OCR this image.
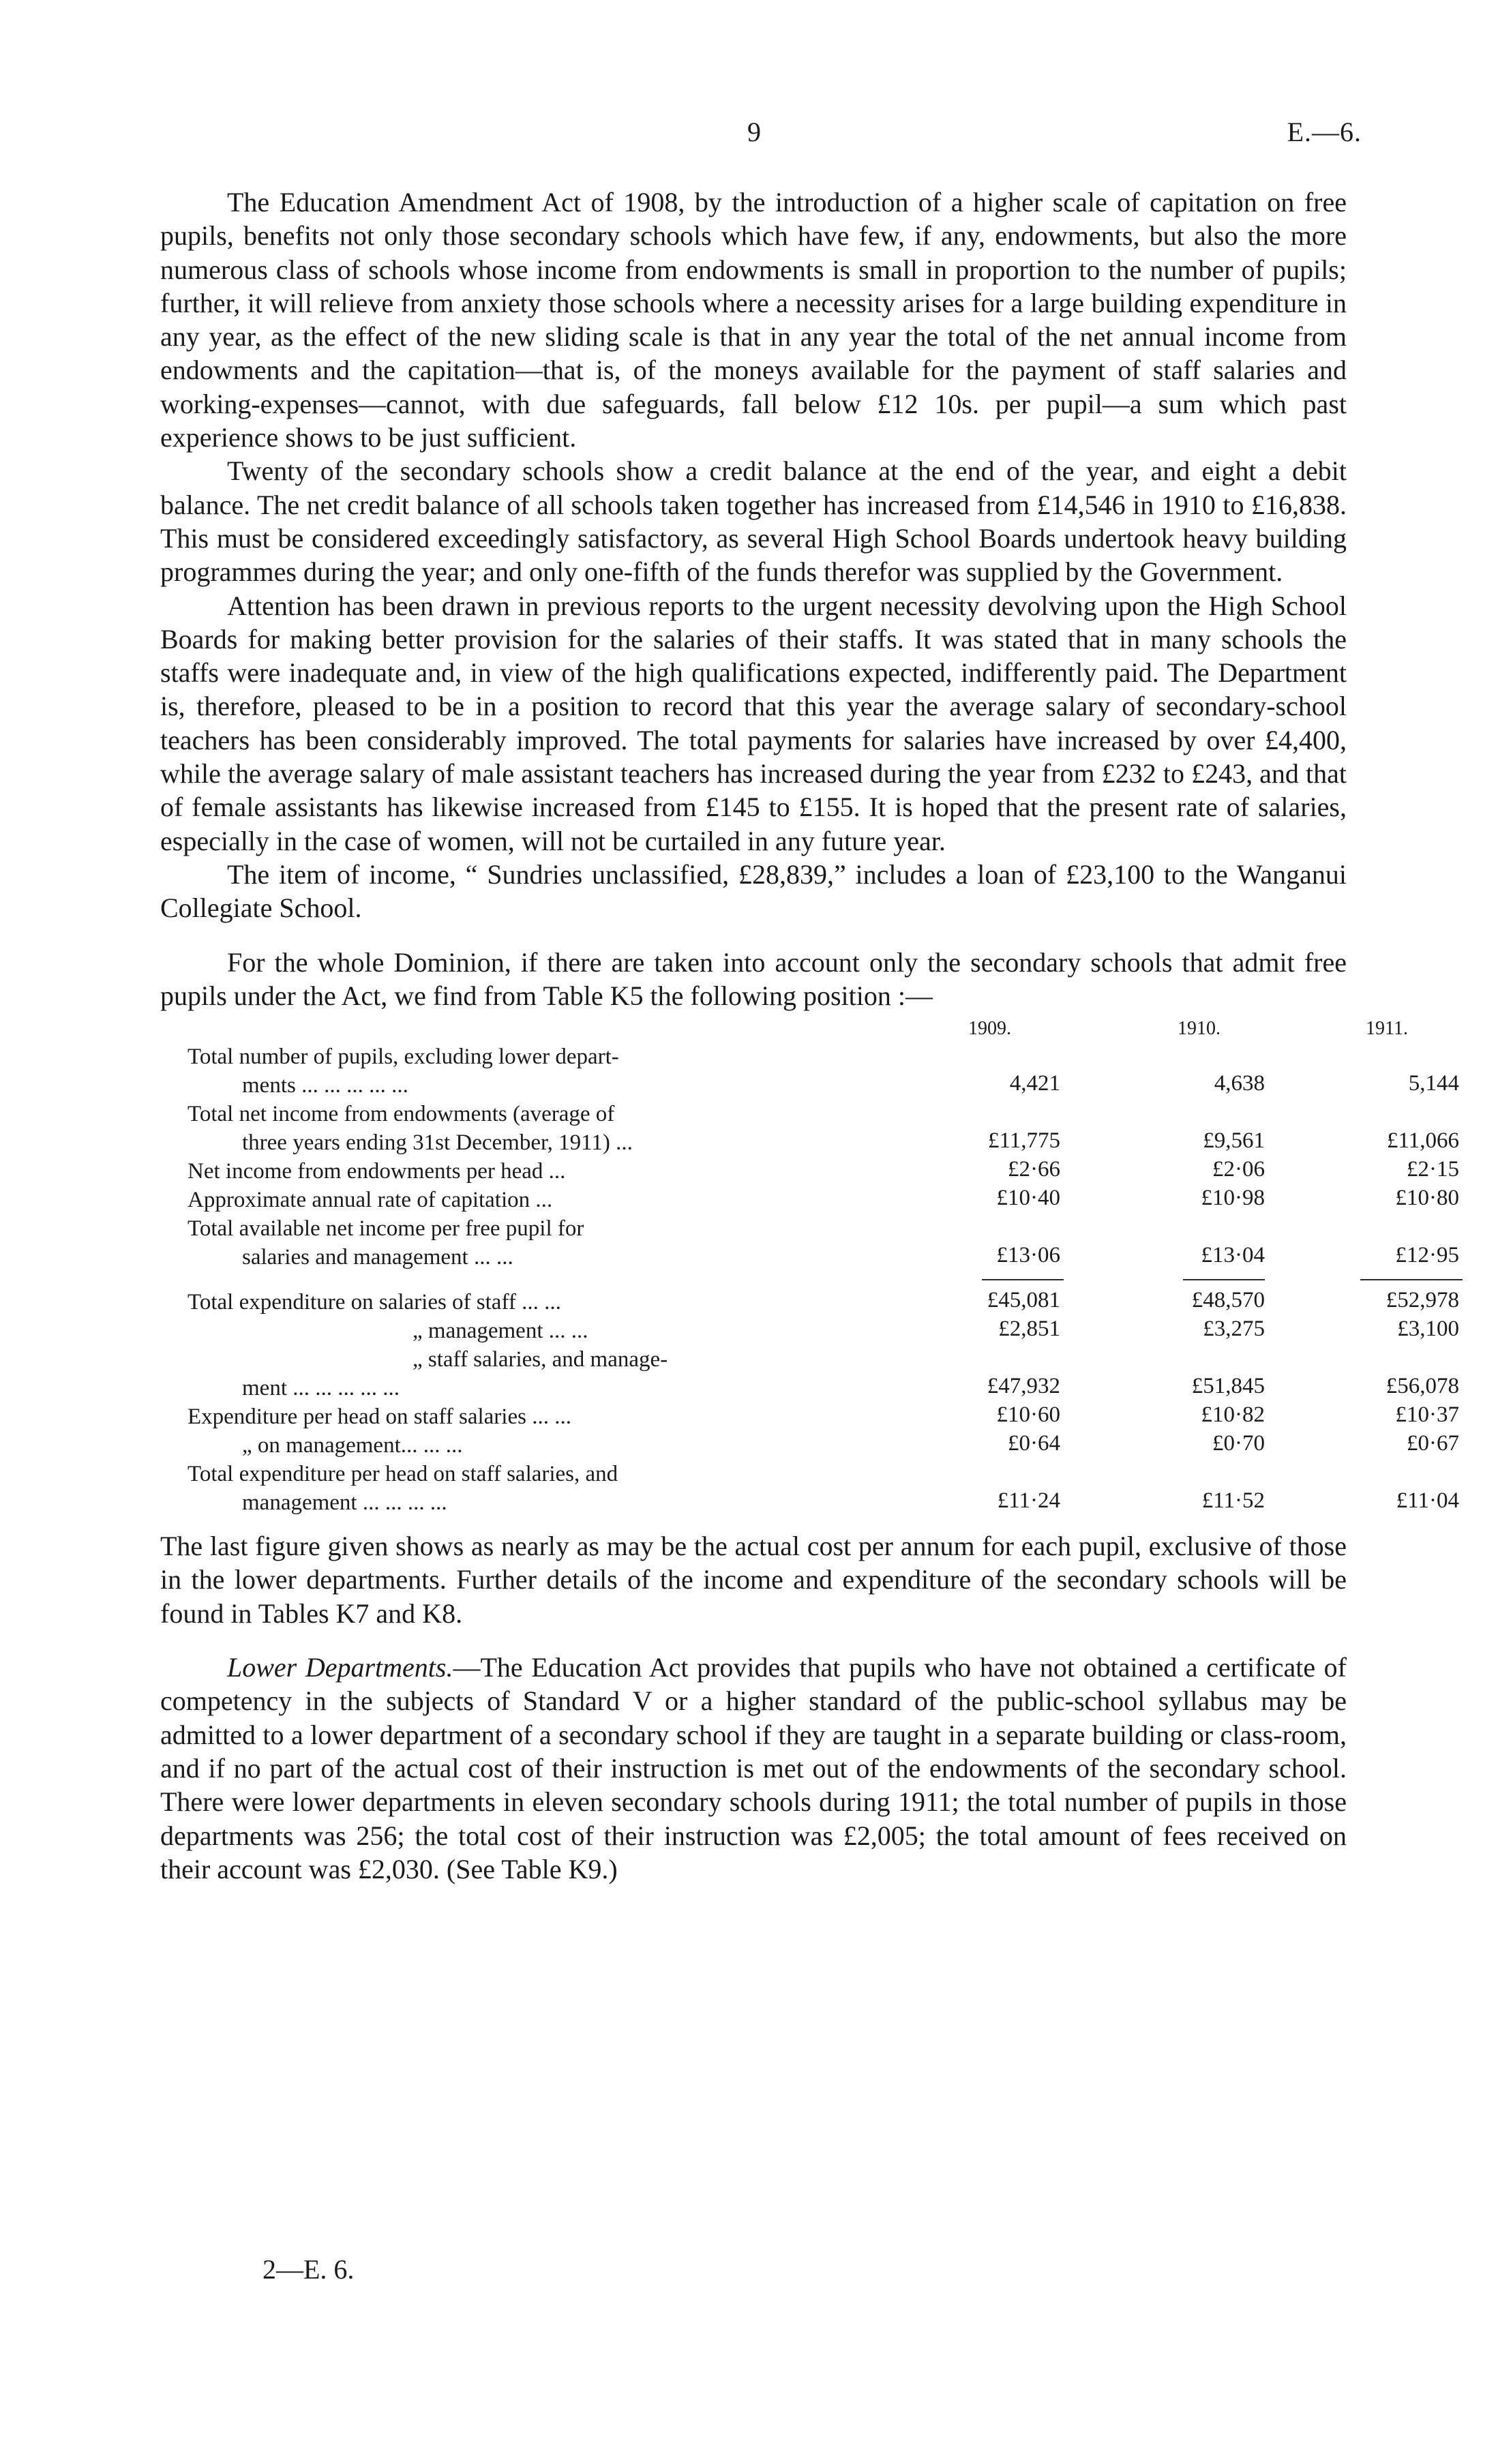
9	E.—6.

The Education Amendment Act of 1908, by the introduction of a higher scale of capitation on free pupils, benefits not only those secondary schools which have few, if any, endowments, but also the more numerous class of schools whose income from endowments is small in proportion to the number of pupils; further, it will relieve from anxiety those schools where a necessity arises for a large building expenditure in any year, as the effect of the new sliding scale is that in any year the total of the net annual income from endowments and the capitation—that is, of the moneys available for the payment of staff salaries and working-expenses—cannot, with due safeguards, fall below £12 10s. per pupil—a sum which past experience shows to be just sufficient.

Twenty of the secondary schools show a credit balance at the end of the year, and eight a debit balance. The net credit balance of all schools taken together has increased from £14,546 in 1910 to £16,838. This must be considered exceedingly satisfactory, as several High School Boards undertook heavy building programmes during the year; and only one-fifth of the funds therefor was supplied by the Government.

Attention has been drawn in previous reports to the urgent necessity devolving upon the High School Boards for making better provision for the salaries of their staffs. It was stated that in many schools the staffs were inadequate and, in view of the high qualifications expected, indifferently paid. The Department is, therefore, pleased to be in a position to record that this year the average salary of secondary-school teachers has been considerably improved. The total payments for salaries have increased by over £4,400, while the average salary of male assistant teachers has increased during the year from £232 to £243, and that of female assistants has likewise increased from £145 to £155. It is hoped that the present rate of salaries, especially in the case of women, will not be curtailed in any future year.

The item of income, “ Sundries unclassified, £28,839,” includes a loan of £23,100 to the Wanganui Collegiate School.

For the whole Dominion, if there are taken into account only the secondary schools that admit free pupils under the Act, we find from Table K5 the following position :—

1909.	1910.	1911.
Total number of pupils, excluding lower depart-
ments ... ... ... ... ...	4,421	4,638	5,144
Total net income from endowments (average of
three years ending 31st December, 1911) ...	£11,775	£9,561	£11,066
Net income from endowments per head ...	£2·66	£2·06	£2·15
Approximate annual rate of capitation ...	£10·40	£10·98	£10·80
Total available net income per free pupil for
salaries and management ... ...	£13·06	£13·04	£12·95
Total expenditure on salaries of staff ... ...	£45,081	£48,570	£52,978
„ management ... ...	£2,851	£3,275	£3,100
„ staff salaries, and manage-
ment ... ... ... ... ...	£47,932	£51,845	£56,078
Expenditure per head on staff salaries ... ...	£10·60	£10·82	£10·37
„ on management... ... ...	£0·64	£0·70	£0·67
Total expenditure per head on staff salaries, and
management ... ... ... ...	£11·24	£11·52	£11·04

The last figure given shows as nearly as may be the actual cost per annum for each pupil, exclusive of those in the lower departments. Further details of the income and expenditure of the secondary schools will be found in Tables K7 and K8.

Lower Departments.—The Education Act provides that pupils who have not obtained a certificate of competency in the subjects of Standard V or a higher standard of the public-school syllabus may be admitted to a lower department of a secondary school if they are taught in a separate building or class-room, and if no part of the actual cost of their instruction is met out of the endowments of the secondary school. There were lower departments in eleven secondary schools during 1911; the total number of pupils in those departments was 256; the total cost of their instruction was £2,005; the total amount of fees received on their account was £2,030. (See Table K9.)

2—E. 6.
